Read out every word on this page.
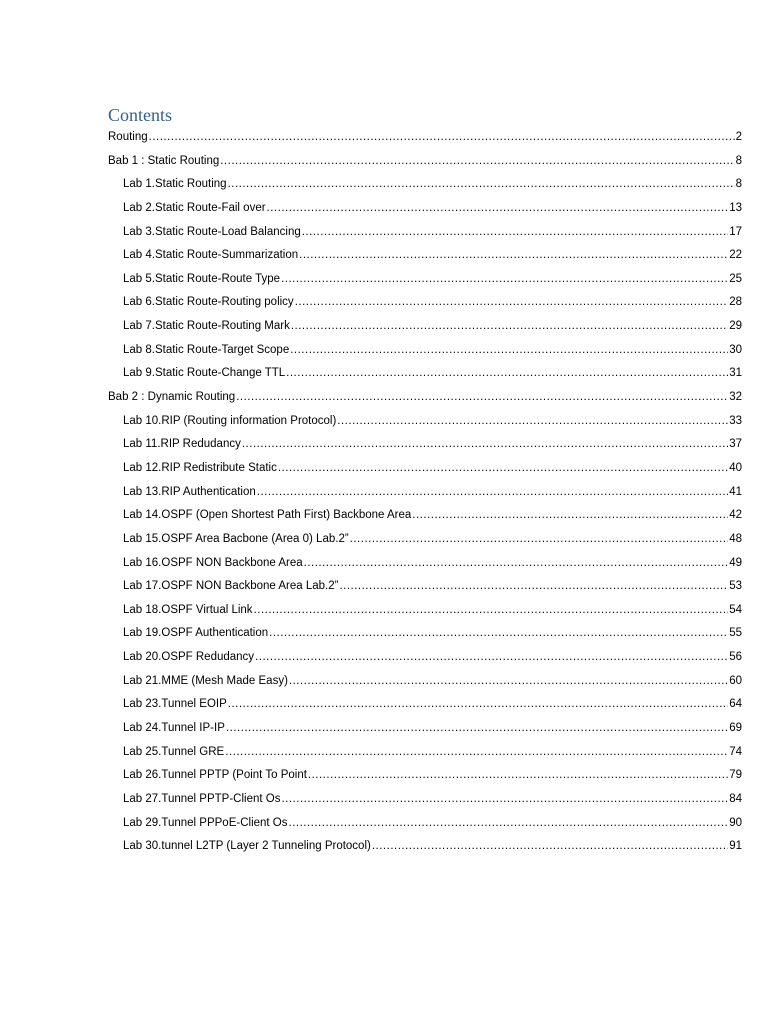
Contents
Routing .....	2
Bab 1 : Static Routing .....	8
Lab 1.Static Routing .....	8
Lab 2.Static Route-Fail over .....	13
Lab 3.Static Route-Load Balancing .....	17
Lab 4.Static Route-Summarization .....	22
Lab 5.Static Route-Route Type .....	25
Lab 6.Static Route-Routing policy .....	28
Lab 7.Static Route-Routing Mark .....	29
Lab 8.Static Route-Target Scope .....	30
Lab 9.Static Route-Change TTL .....	31
Bab 2 : Dynamic Routing .....	32
Lab 10.RIP (Routing information Protocol) .....	33
Lab 11.RIP Redudancy .....	37
Lab 12.RIP Redistribute Static .....	40
Lab 13.RIP Authentication .....	41
Lab 14.OSPF (Open Shortest Path First) Backbone Area .....	42
Lab 15.OSPF Area Bacbone (Area 0) Lab.2” .....	48
Lab 16.OSPF NON Backbone Area .....	49
Lab 17.OSPF NON Backbone Area Lab.2” .....	53
Lab 18.OSPF Virtual Link .....	54
Lab 19.OSPF Authentication .....	55
Lab 20.OSPF Redudancy .....	56
Lab 21.MME (Mesh Made Easy) .....	60
Lab 23.Tunnel EOIP .....	64
Lab 24.Tunnel IP-IP .....	69
Lab 25.Tunnel GRE .....	74
Lab 26.Tunnel PPTP (Point To Point .....	79
Lab 27.Tunnel PPTP-Client Os .....	84
Lab 29.Tunnel PPPoE-Client Os .....	90
Lab 30.tunnel L2TP (Layer 2 Tunneling Protocol) .....	91
